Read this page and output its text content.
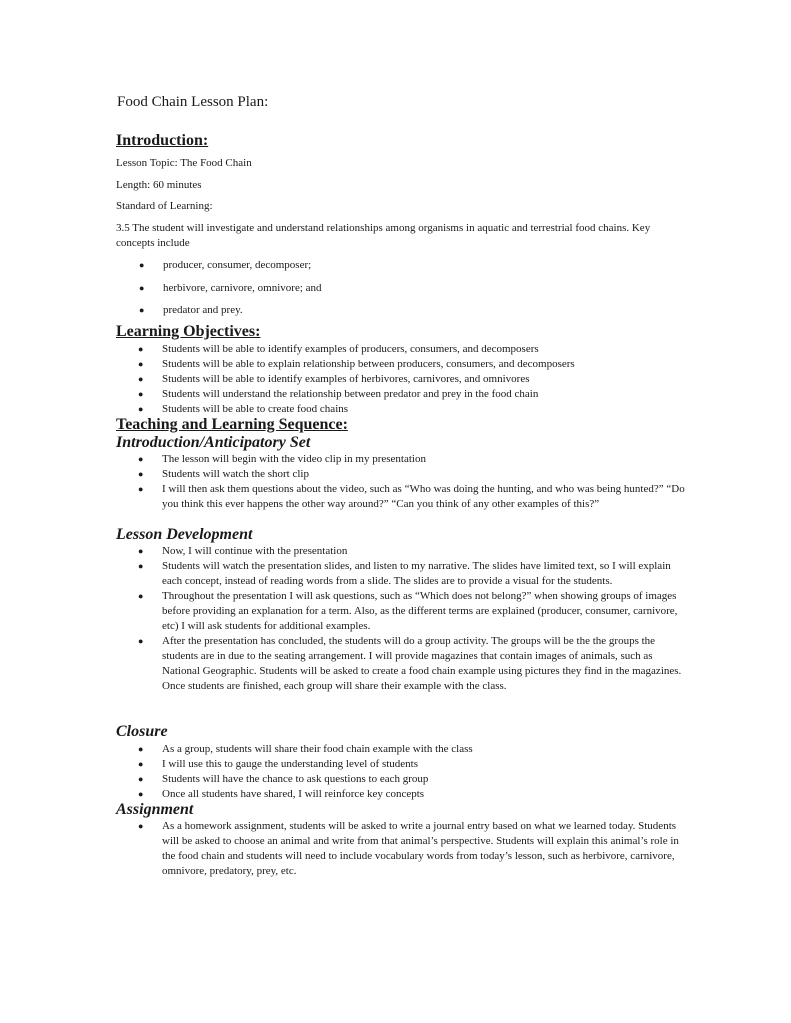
Food Chain Lesson Plan:
Introduction:
Lesson Topic: The Food Chain
Length: 60 minutes
Standard of Learning:
3.5 The student will investigate and understand relationships among organisms in aquatic and terrestrial food chains. Key concepts include
● producer, consumer, decomposer;
● herbivore, carnivore, omnivore; and
● predator and prey.
Learning Objectives:
● Students will be able to identify examples of producers, consumers, and decomposers
● Students will be able to explain relationship between producers, consumers, and decomposers
● Students will be able to identify examples of herbivores, carnivores, and omnivores
● Students will understand the relationship between predator and prey in the food chain
● Students will be able to create food chains
Teaching and Learning Sequence:
Introduction/Anticipatory Set
● The lesson will begin with the video clip in my presentation
● Students will watch the short clip
● I will then ask them questions about the video, such as “Who was doing the hunting, and who was being hunted?” “Do you think this ever happens the other way around?” “Can you think of any other examples of this?”
Lesson Development
● Now, I will continue with the presentation
● Students will watch the presentation slides, and listen to my narrative. The slides have limited text, so I will explain each concept, instead of reading words from a slide. The slides are to provide a visual for the students.
● Throughout the presentation I will ask questions, such as “Which does not belong?” when showing groups of images before providing an explanation for a term. Also, as the different terms are explained (producer, consumer, carnivore, etc) I will ask students for additional examples.
● After the presentation has concluded, the students will do a group activity. The groups will be the the groups the students are in due to the seating arrangement. I will provide magazines that contain images of animals, such as National Geographic. Students will be asked to create a food chain example using pictures they find in the magazines. Once students are finished, each group will share their example with the class.
Closure
● As a group, students will share their food chain example with the class
● I will use this to gauge the understanding level of students
● Students will have the chance to ask questions to each group
● Once all students have shared, I will reinforce key concepts
Assignment
● As a homework assignment, students will be asked to write a journal entry based on what we learned today. Students will be asked to choose an animal and write from that animal’s perspective. Students will explain this animal’s role in the food chain and students will need to include vocabulary words from today’s lesson, such as herbivore, carnivore, omnivore, predatory, prey, etc.
